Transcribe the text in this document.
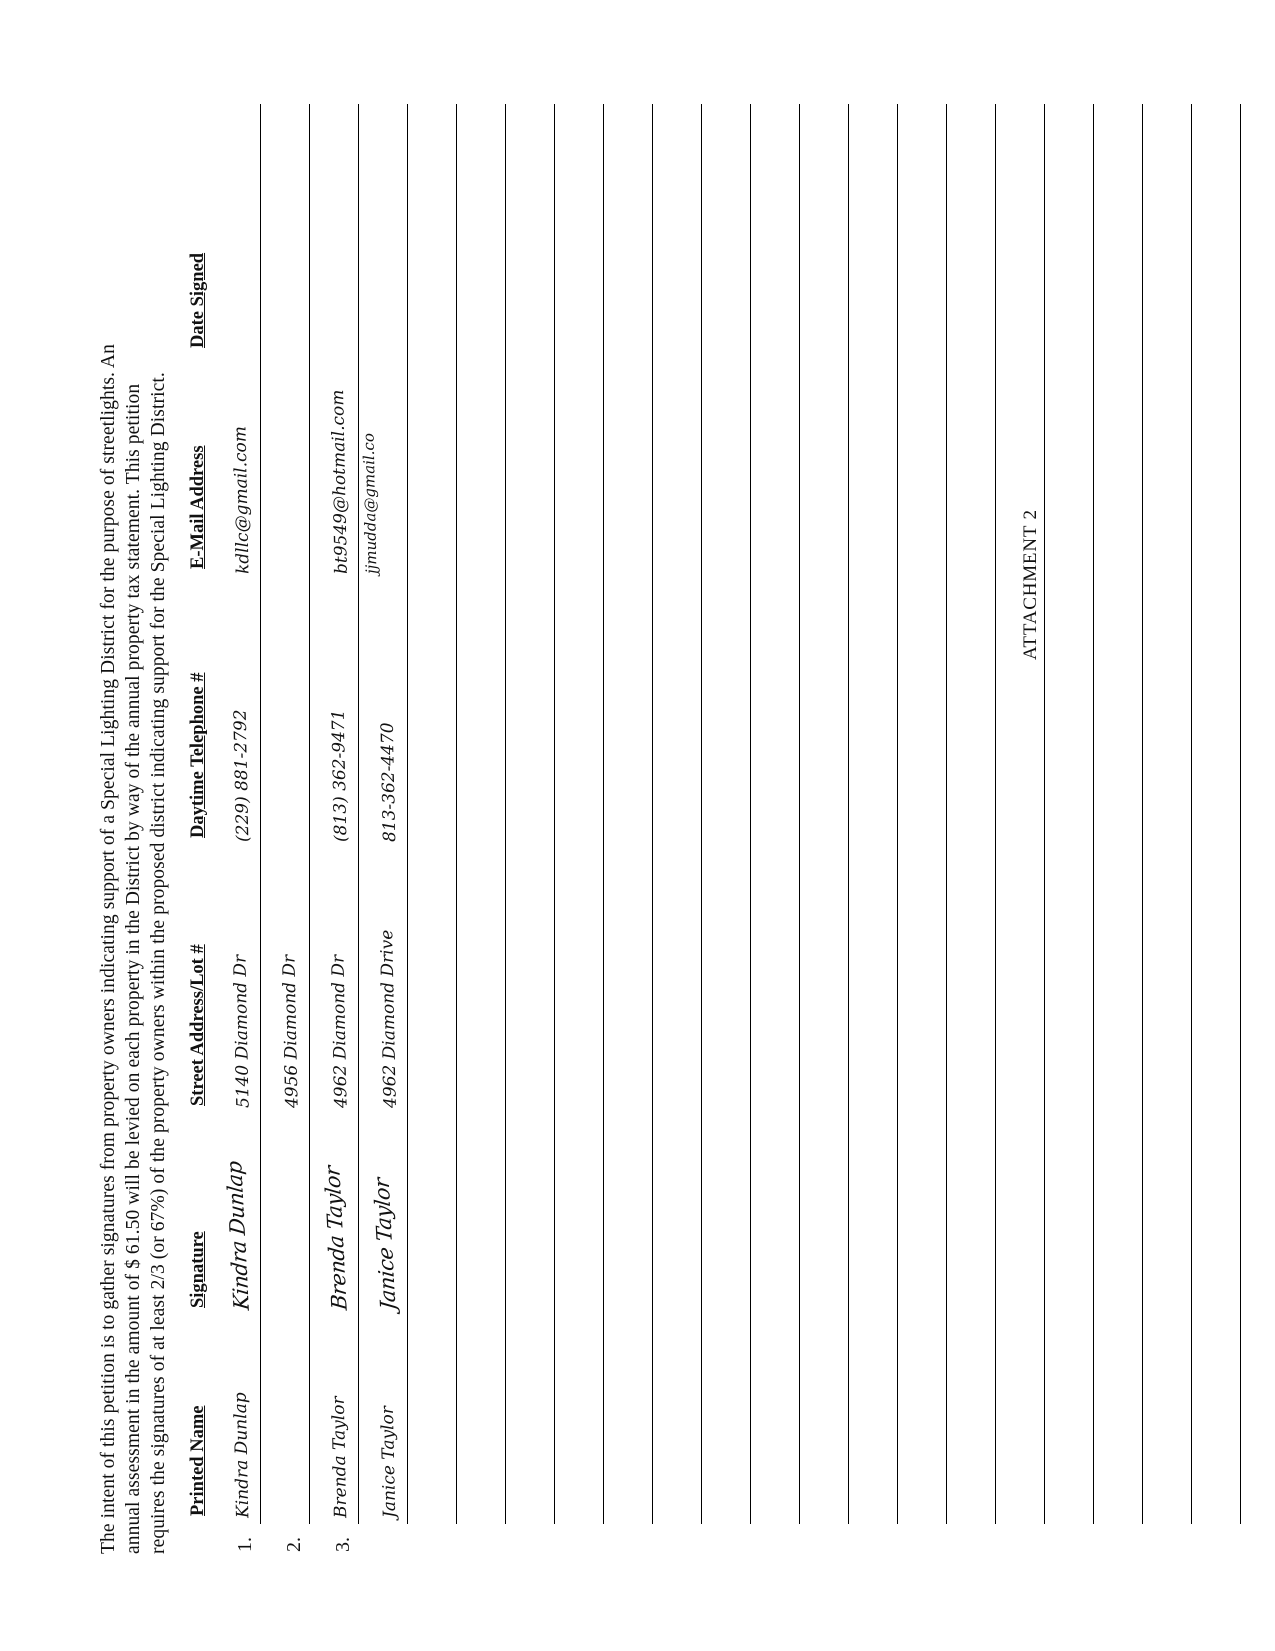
The intent of this petition is to gather signatures from property owners indicating support of a Special Lighting District for the purpose of streetlights. An annual assessment in the amount of $ 61.50 will be levied on each property in the District by way of the annual property tax statement. This petition requires the signatures of at least 2/3 (or 67%) of the property owners within the proposed district indicating support for the Special Lighting District. Printed Name
Signature
Street Address/Lot #
Daytime Telephone #
E-Mail Address
Date Signed
1.
Kindra Dunlap
Kindra Dunlap
5140 Diamond Dr
(229) 881-2792
kdllc@gmail.com
2.
4956 Diamond Dr
3.
Brenda Taylor
Brenda Taylor
4962 Diamond Dr
(813) 362-9471
bt9549@hotmail.com
Janice Taylor
Janice Taylor
4962 Diamond Drive
813-362-4470
jjmudda@gmail.co
ATTACHMENT 2
